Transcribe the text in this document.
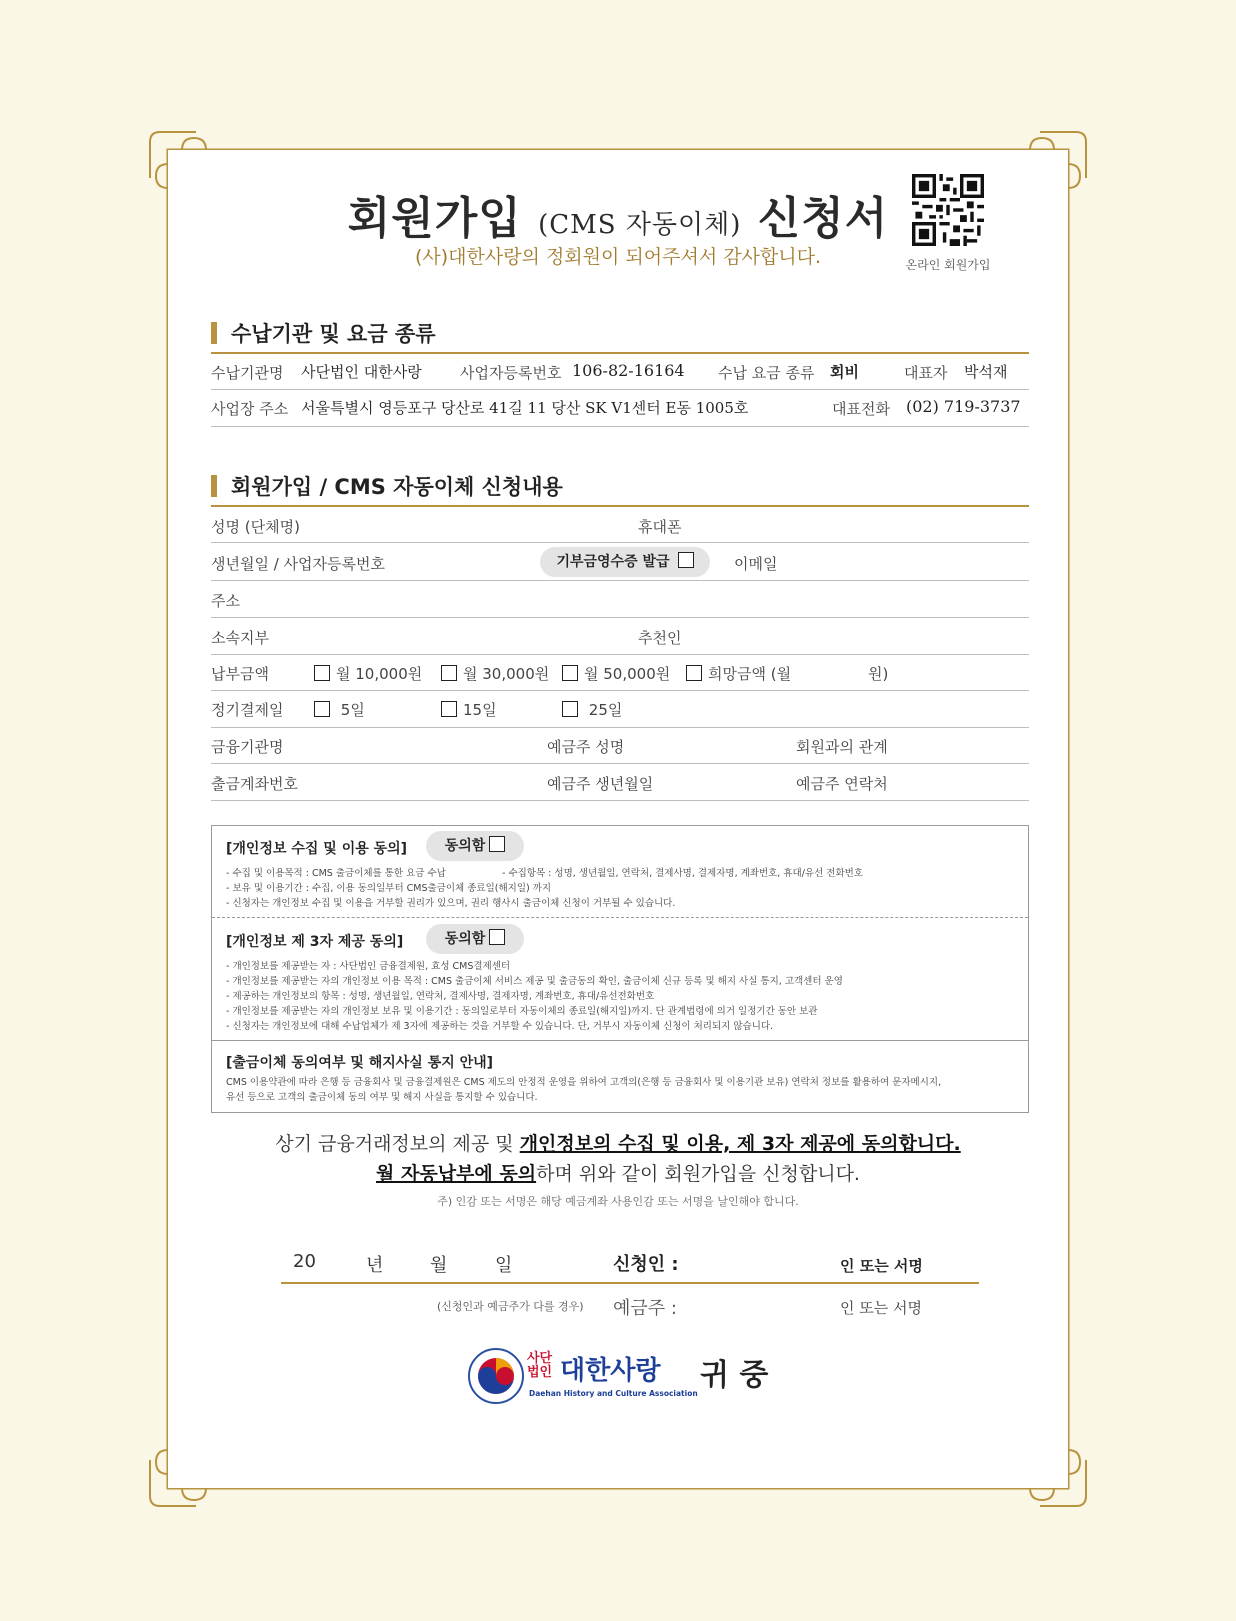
회원가입 (CMS 자동이체) 신청서
(사)대한사랑의 정회원이 되어주셔서 감사합니다.	온라인 회원가입
수납기관 및 요금 종류
수납기관명 사단법인 대한사랑	사업자등록번호 106-82-16164 수납 요금 종류 회비	대표자 박석재
사업장 주소 서울특별시 영등포구 당산로 41길 11 당산 SK V1센터 E동 1005호	대표전화 (02) 719-3737
회원가입 / CMS 자동이체 신청내용
성명 (단체명)	휴대폰
생년월일 / 사업자등록번호	기부금영수증 발급	이메일
주소
소속지부	추천인
납부금액	월 10,000원	월 30,000원	월 50,000원	희망금액 (월	원)
정기결제일	5일	15일	25일
금융기관명	예금주 성명	회원과의 관계
출금계좌번호	예금주 생년월일	예금주 연락처
[개인정보 수집 및 이용 동의]	동의함
- 수집 및 이용목적 : CMS 출금이체를 통한 요금 수납	- 수집항목 : 성명, 생년월일, 연락처, 결제사명, 결제자명, 계좌번호, 휴대/유선 전화번호
- 보유 및 이용기간 : 수집, 이용 동의일부터 CMS출금이체 종료일(해지일) 까지
- 신청자는 개인정보 수집 및 이용을 거부할 권리가 있으며, 권리 행사시 출금이체 신청이 거부될 수 있습니다.
[개인정보 제 3자 제공 동의]	동의함
- 개인정보를 제공받는 자 : 사단법인 금융결제원, 효성 CMS결제센터
- 개인정보를 제공받는 자의 개인정보 이용 목적 : CMS 출금이체 서비스 제공 및 출금동의 확인, 출금이체 신규 등록 및 해지 사실 통지, 고객센터 운영
- 제공하는 개인정보의 항목 : 성명, 생년월일, 연락처, 결제사명, 결제자명, 계좌번호, 휴대/유선전화번호
- 개인정보를 제공받는 자의 개인정보 보유 및 이용기간 : 동의일로부터 자동이체의 종료일(해지일)까지. 단 관계법령에 의거 일정기간 동안 보관
- 신청자는 개인정보에 대해 수납업체가 제 3자에 제공하는 것을 거부할 수 있습니다. 단, 거부시 자동이체 신청이 처리되지 않습니다.
[출금이체 동의여부 및 해지사실 통지 안내]
CMS 이용약관에 따라 은행 등 금융회사 및 금융결제원은 CMS 제도의 안정적 운영을 위하여 고객의(은행 등 금융회사 및 이용기관 보유) 연락처 정보를 활용하여 문자메시지,
유선 등으로 고객의 출금이체 동의 여부 및 해지 사실을 통지할 수 있습니다.
상기 금융거래정보의 제공 및 개인정보의 수집 및 이용, 제 3자 제공에 동의합니다.
월 자동납부에 동의하며 위와 같이 회원가입을 신청합니다.
주) 인감 또는 서명은 해당 예금계좌 사용인감 또는 서명을 날인해야 합니다.
20	년	월	일	신청인 :	인 또는 서명
(신청인과 예금주가 다를 경우) 예금주 :	인 또는 서명
사단
법인 대한사랑
Daehan History and Culture Association
귀 중
